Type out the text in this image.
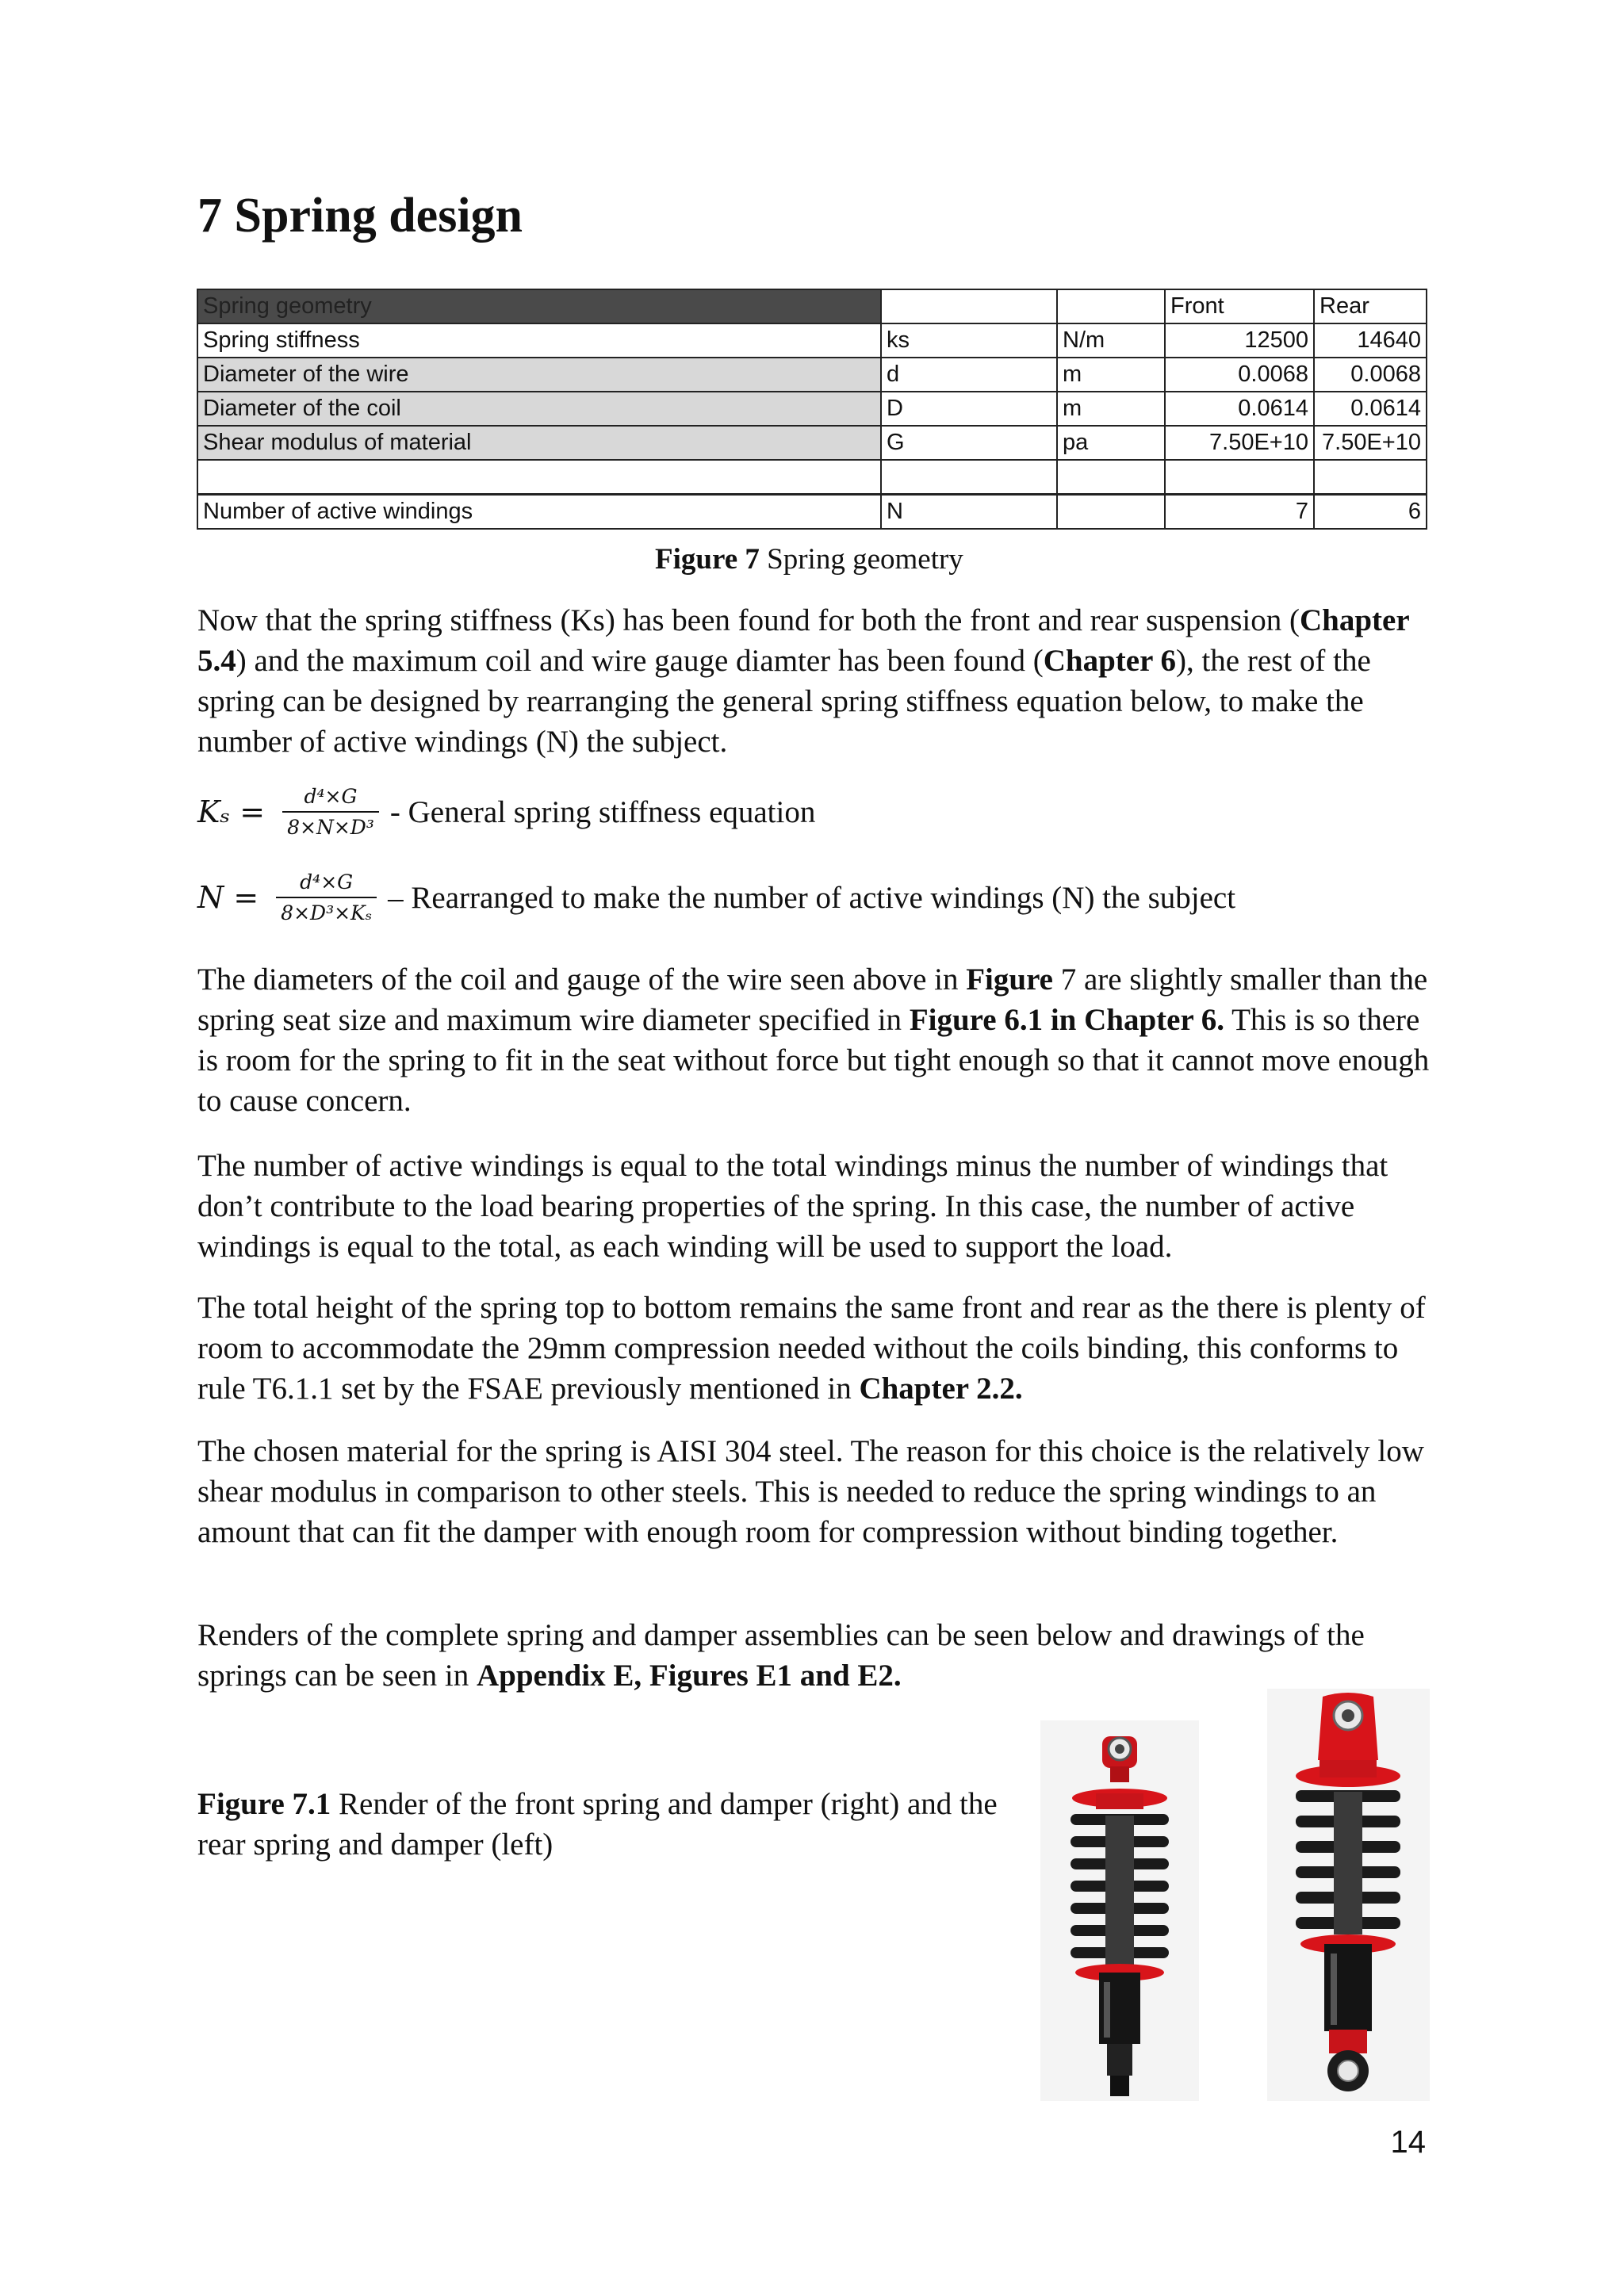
7 Spring design
Spring geometry			Front	Rear
Spring stiffness	ks	N/m	12500	14640
Diameter of the wire	d	m	0.0068	0.0068
Diameter of the coil	D	m	0.0614	0.0614
Shear modulus of material	G	pa	7.50E+10	7.50E+10

Number of active windings	N		7	6
Figure 7 Spring geometry

Now that the spring stiffness (Ks) has been found for both the front and rear suspension (Chapter 5.4) and the maximum coil and wire gauge diamter has been found (Chapter 6), the rest of the spring can be designed by rearranging the general spring stiffness equation below, to make the number of active windings (N) the subject.

$K_s = \frac{\text{d⁴×G}}{\text{8×N×D³}}$ - General spring stiffness equation
$N = \frac{\text{d⁴×G}}{\text{8×D³×Kₛ}}$ – Rearranged to make the number of active windings (N) the subject

The diameters of the coil and gauge of the wire seen above in Figure 7 are slightly smaller than the spring seat size and maximum wire diameter specified in Figure 6.1 in Chapter 6. This is so there is room for the spring to fit in the seat without force but tight enough so that it cannot move enough to cause concern.

The number of active windings is equal to the total windings minus the number of windings that don’t contribute to the load bearing properties of the spring. In this case, the number of active windings is equal to the total, as each winding will be used to support the load.

The total height of the spring top to bottom remains the same front and rear as the there is plenty of room to accommodate the 29mm compression needed without the coils binding, this conforms to rule T6.1.1 set by the FSAE previously mentioned in Chapter 2.2.

The chosen material for the spring is AISI 304 steel. The reason for this choice is the relatively low shear modulus in comparison to other steels. This is needed to reduce the spring windings to an amount that can fit the damper with enough room for compression without binding together.

Renders of the complete spring and damper assemblies can be seen below and drawings of the springs can be seen in Appendix E, Figures E1 and E2.

Figure 7.1 Render of the front spring and damper (right) and the rear spring and damper (left)
14
